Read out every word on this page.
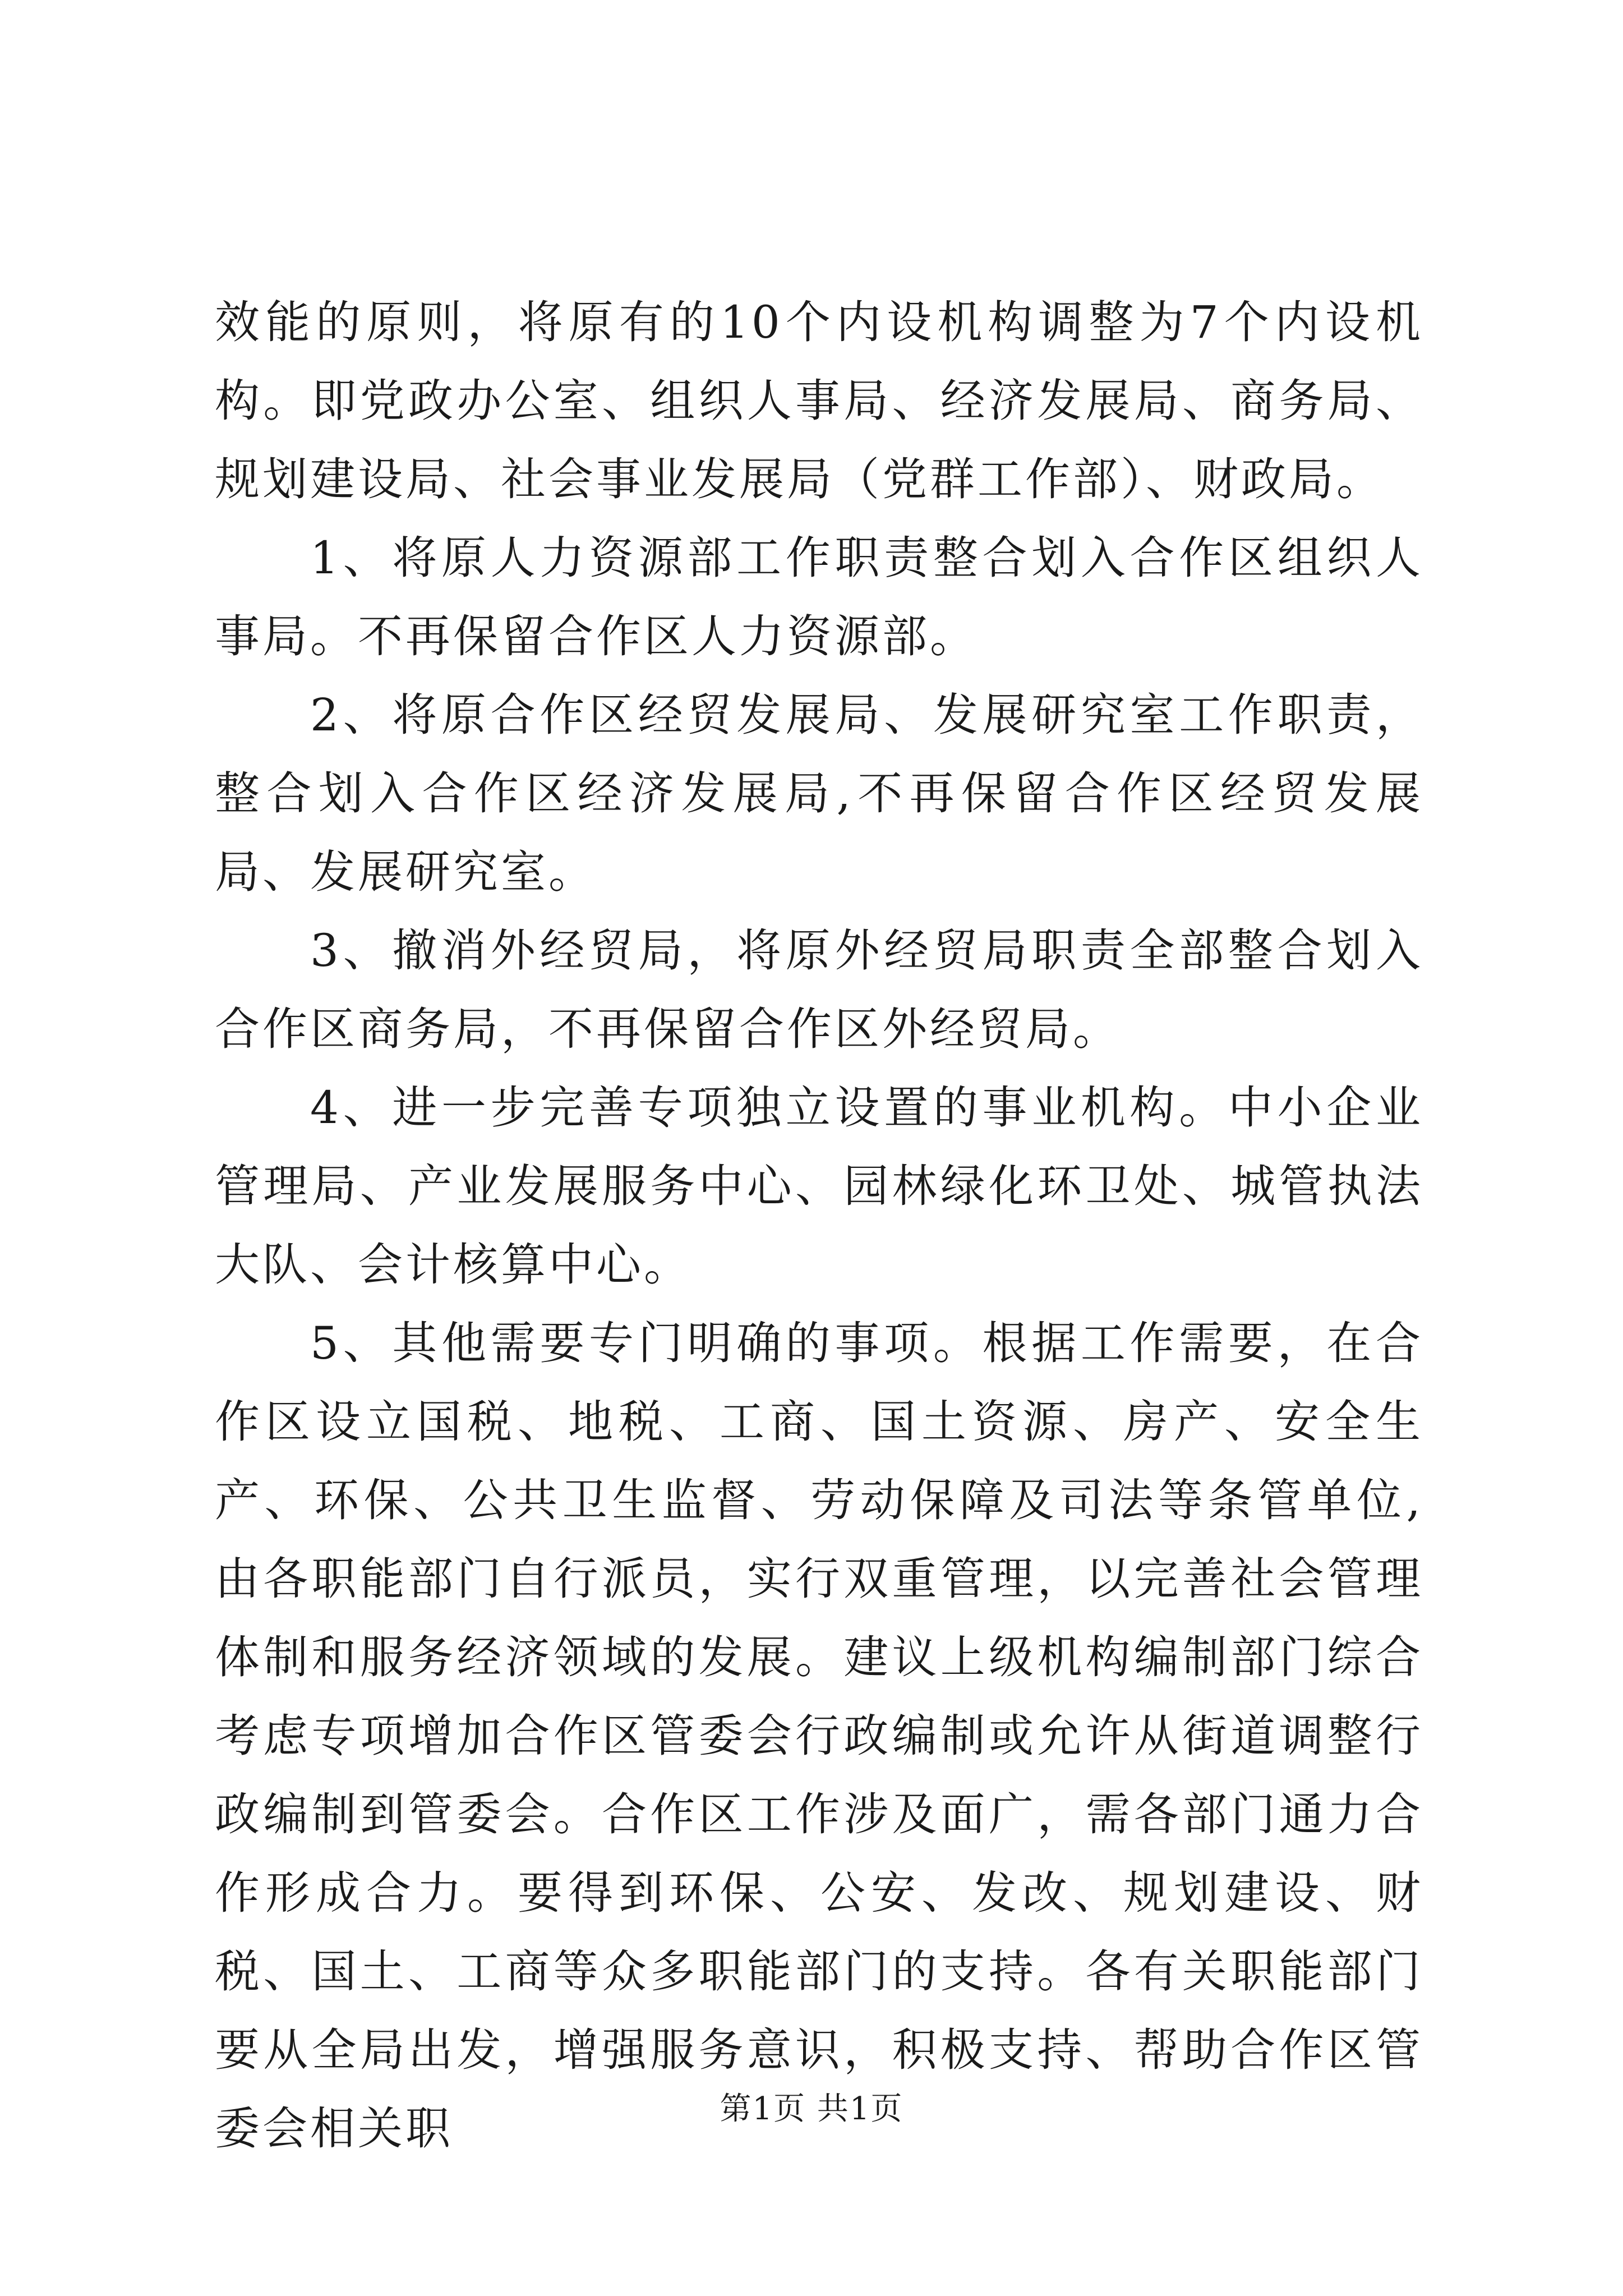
效能的原则，将原有的10个内设机构调整为7个内设机构。即党政办公室、组织人事局、经济发展局、商务局、规划建设局、社会事业发展局（党群工作部）、财政局。

1、将原人力资源部工作职责整合划入合作区组织人事局。不再保留合作区人力资源部。

2、将原合作区经贸发展局、发展研究室工作职责，整合划入合作区经济发展局,不再保留合作区经贸发展局、发展研究室。

3、撤消外经贸局，将原外经贸局职责全部整合划入合作区商务局，不再保留合作区外经贸局。

4、进一步完善专项独立设置的事业机构。中小企业管理局、产业发展服务中心、园林绿化环卫处、城管执法大队、会计核算中心。

5、其他需要专门明确的事项。根据工作需要，在合作区设立国税、地税、工商、国土资源、房产、安全生产、环保、公共卫生监督、劳动保障及司法等条管单位,由各职能部门自行派员，实行双重管理，以完善社会管理体制和服务经济领域的发展。建议上级机构编制部门综合考虑专项增加合作区管委会行政编制或允许从街道调整行政编制到管委会。合作区工作涉及面广，需各部门通力合作形成合力。要得到环保、公安、发改、规划建设、财税、国土、工商等众多职能部门的支持。各有关职能部门要从全局出发，增强服务意识，积极支持、帮助合作区管委会相关职	第1页 共1页
